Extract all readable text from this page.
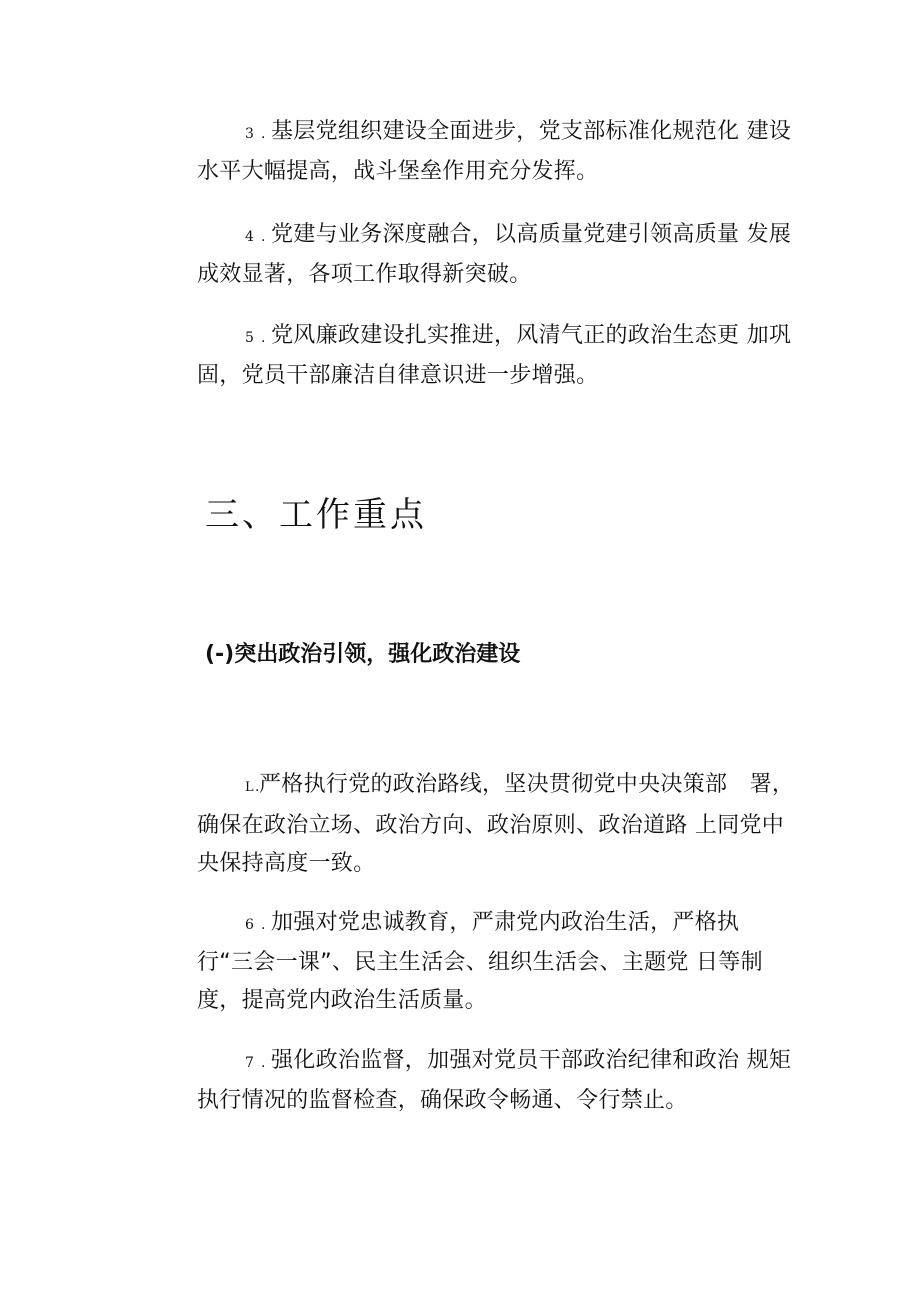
3 . 基层党组织建设全面进步，党支部标准化规范化 建设水平大幅提高，战斗堡垒作用充分发挥。

4 . 党建与业务深度融合，以高质量党建引领高质量 发展成效显著，各项工作取得新突破。

5 . 党风廉政建设扎实推进，风清气正的政治生态更 加巩固，党员干部廉洁自律意识进一步增强。

三、工作重点
(-)突出政治引领，强化政治建设

L.严格执行党的政治路线，坚决贯彻党中央决策部　署，确保在政治立场、政治方向、政治原则、政治道路 上同党中央保持高度一致。

6 . 加强对党忠诚教育，严肃党内政治生活，严格执 行“三会一课”、民主生活会、组织生活会、主题党 日等制度，提高党内政治生活质量。

7 . 强化政治监督，加强对党员干部政治纪律和政治 规矩执行情况的监督检查，确保政令畅通、令行禁止。
